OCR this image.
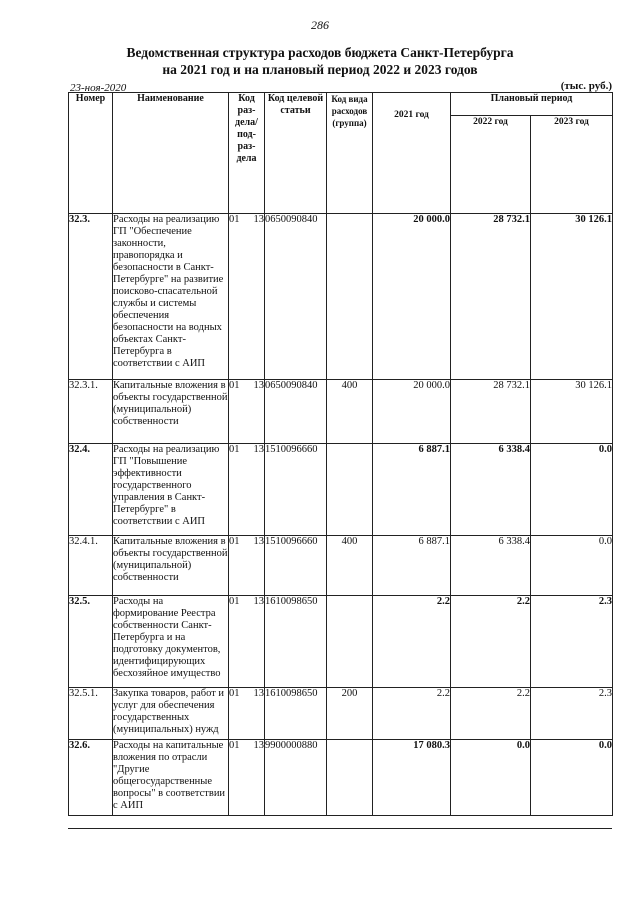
286
Ведомственная структура расходов бюджета Санкт-Петербурга
на 2021 год и на плановый период 2022 и 2023 годов
23-ноя-2020	(тыс. руб.)
Номер	Наименование	Код раз- дела/ под- раз- дела	Код целевой статьи	Код вида расходов (группа)	2021 год	Плановый период	
						2022 год	2023 год
32.3.	Расходы на реализацию ГП "Обеспечение законности, правопорядка и безопасности в Санкт-Петербурге" на развитие поисково-спасательной службы и системы обеспечения безопасности на водных объектах Санкт-Петербурга в соответствии с АИП	01 13	0650090840		20 000.0	28 732.1	30 126.1
32.3.1.	Капитальные вложения в объекты государственной (муниципальной) собственности	01 13	0650090840	400	20 000.0	28 732.1	30 126.1
32.4.	Расходы на реализацию ГП "Повышение эффективности государственного управления в Санкт-Петербурге" в соответствии с АИП	01 13	1510096660		6 887.1	6 338.4	0.0
32.4.1.	Капитальные вложения в объекты государственной (муниципальной) собственности	01 13	1510096660	400	6 887.1	6 338.4	0.0
32.5.	Расходы на формирование Реестра собственности Санкт-Петербурга и на подготовку документов, идентифицирующих бесхозяйное имущество	01 13	1610098650		2.2	2.2	2.3
32.5.1.	Закупка товаров, работ и услуг для обеспечения государственных (муниципальных) нужд	01 13	1610098650	200	2.2	2.2	2.3
32.6.	Расходы на капитальные вложения по отрасли "Другие общегосударственные вопросы" в соответствии с АИП	01 13	9900000880		17 080.3	0.0	0.0
